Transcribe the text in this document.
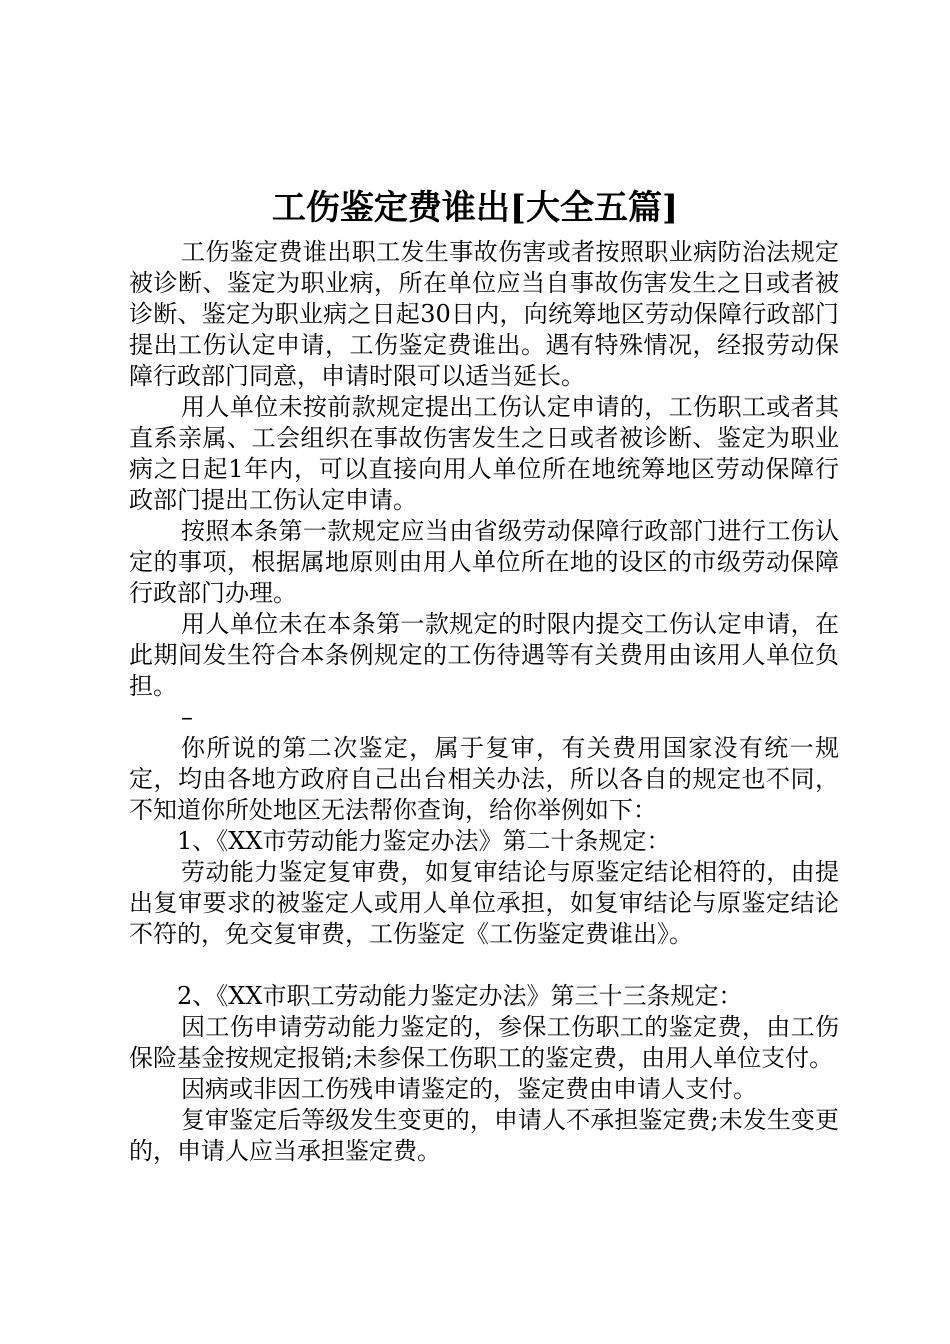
工伤鉴定费谁出[大全五篇]

工伤鉴定费谁出职工发生事故伤害或者按照职业病防治法规定被诊断、鉴定为职业病，所在单位应当自事故伤害发生之日或者被诊断、鉴定为职业病之日起30日内，向统筹地区劳动保障行政部门提出工伤认定申请，工伤鉴定费谁出。遇有特殊情况，经报劳动保障行政部门同意，申请时限可以适当延长。

用人单位未按前款规定提出工伤认定申请的，工伤职工或者其直系亲属、工会组织在事故伤害发生之日或者被诊断、鉴定为职业病之日起1年内，可以直接向用人单位所在地统筹地区劳动保障行政部门提出工伤认定申请。

按照本条第一款规定应当由省级劳动保障行政部门进行工伤认定的事项，根据属地原则由用人单位所在地的设区的市级劳动保障行政部门办理。

用人单位未在本条第一款规定的时限内提交工伤认定申请，在此期间发生符合本条例规定的工伤待遇等有关费用由该用人单位负担。

–

你所说的第二次鉴定，属于复审，有关费用国家没有统一规定，均由各地方政府自己出台相关办法，所以各自的规定也不同，不知道你所处地区无法帮你查询，给你举例如下：

1、《XX市劳动能力鉴定办法》第二十条规定：

劳动能力鉴定复审费，如复审结论与原鉴定结论相符的，由提出复审要求的被鉴定人或用人单位承担，如复审结论与原鉴定结论不符的，免交复审费，工伤鉴定《工伤鉴定费谁出》。

2、《XX市职工劳动能力鉴定办法》第三十三条规定：

因工伤申请劳动能力鉴定的，参保工伤职工的鉴定费，由工伤保险基金按规定报销;未参保工伤职工的鉴定费，由用人单位支付。

因病或非因工伤残申请鉴定的，鉴定费由申请人支付。

复审鉴定后等级发生变更的，申请人不承担鉴定费;未发生变更的，申请人应当承担鉴定费。
